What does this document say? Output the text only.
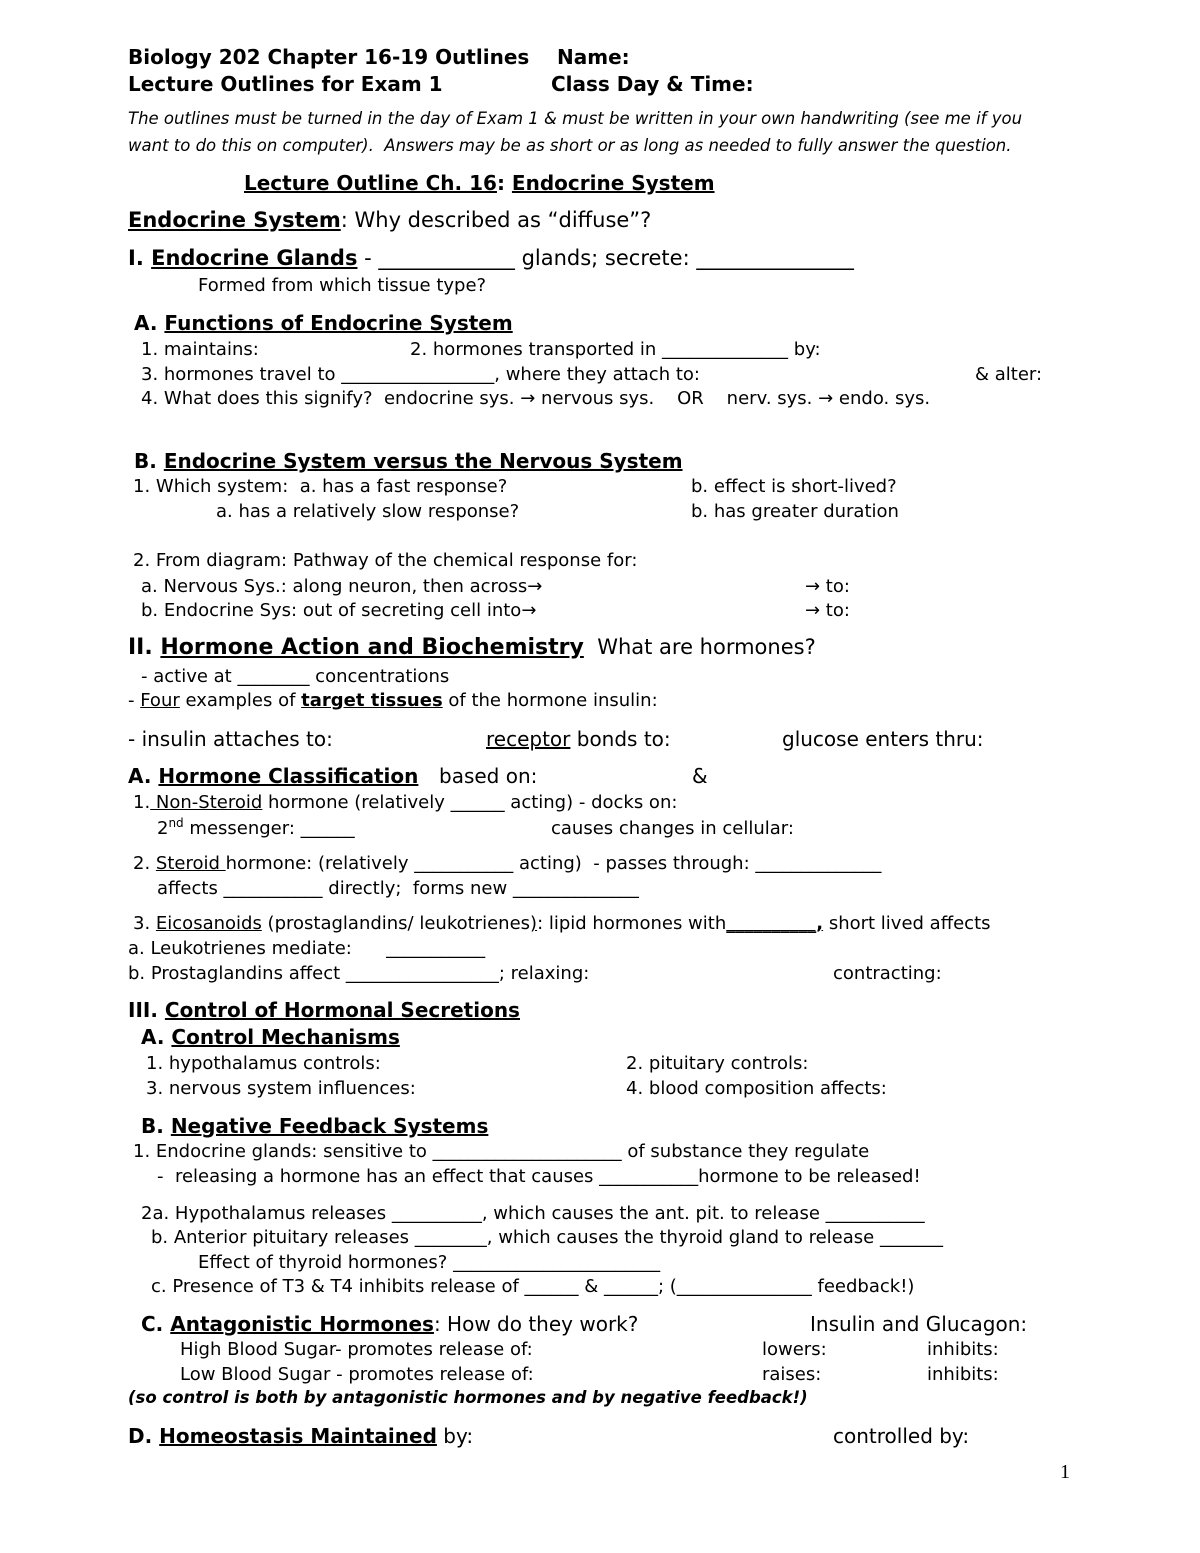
Biology 202 Chapter 16-19 Outlines Name:
Lecture Outlines for Exam 1	Class Day & Time:
The outlines must be turned in the day of Exam 1 & must be written in your own handwriting (see me if you
want to do this on computer).  Answers may be as short or as long as needed to fully answer the question.
Lecture Outline Ch. 16: Endocrine System
Endocrine System: Why described as “diffuse”?
I. Endocrine Glands - _____________ glands; secrete: _______________
Formed from which tissue type?
A. Functions of Endocrine System
1. maintains:	2. hormones transported in ______________ by:
3. hormones travel to _________________, where they attach to:	& alter:
4. What does this signify?  endocrine sys. → nervous sys.    OR    nerv. sys. → endo. sys.
B. Endocrine System versus the Nervous System
1. Which system:  a. has a fast response?	b. effect is short-lived?
a. has a relatively slow response?	b. has greater duration
2. From diagram: Pathway of the chemical response for:
a. Nervous Sys.: along neuron, then across→	→ to:
b. Endocrine Sys: out of secreting cell into→	→ to:
II. Hormone Action and Biochemistry  What are hormones?
- active at ________ concentrations
- Four examples of target tissues of the hormone insulin:
- insulin attaches to:	receptor bonds to:	glucose enters thru:
A. Hormone Classification based on:	&
1. Non-Steroid hormone (relatively ______ acting) - docks on:
2nd messenger: ______	causes changes in cellular:
2. Steroid hormone: (relatively ___________ acting)  - passes through: ______________
affects ___________ directly;  forms new ______________
3. Eicosanoids (prostaglandins/ leukotrienes): lipid hormones with__________, short lived affects
a. Leukotrienes mediate:      ___________
b. Prostaglandins affect _________________; relaxing:	contracting:
III. Control of Hormonal Secretions
A. Control Mechanisms
1. hypothalamus controls:	2. pituitary controls:
3. nervous system influences:	4. blood composition affects:
B. Negative Feedback Systems
1. Endocrine glands: sensitive to _____________________ of substance they regulate
-  releasing a hormone has an effect that causes ___________hormone to be released!
2a. Hypothalamus releases __________, which causes the ant. pit. to release ___________
b. Anterior pituitary releases ________, which causes the thyroid gland to release _______
Effect of thyroid hormones? _______________________
c. Presence of T3 & T4 inhibits release of ______ & ______; (_______________ feedback!)
C. Antagonistic Hormones: How do they work?	Insulin and Glucagon:
High Blood Sugar- promotes release of:	lowers:	inhibits:
Low Blood Sugar - promotes release of:	raises:	inhibits:
(so control is both by antagonistic hormones and by negative feedback!)
D. Homeostasis Maintained by:	controlled by:
1
